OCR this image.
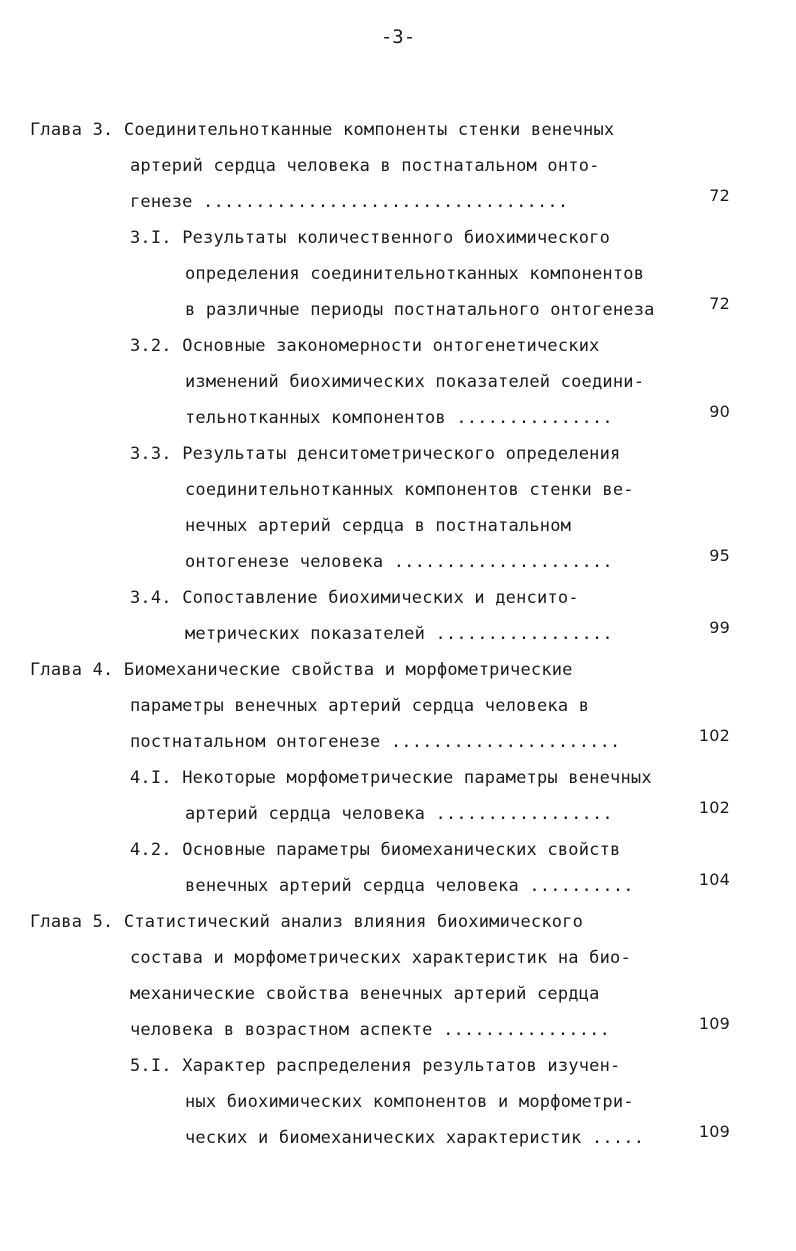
-3-
Глава 3. Соединительнотканные компоненты стенки венечных
артерий сердца человека в постнатальном онто-
генезе ...................................	72
3.I. Результаты количественного биохимического
определения соединительнотканных компонентов
в различные периоды постнатального онтогенеза	72
3.2. Основные закономерности онтогенетических
изменений биохимических показателей соедини-
тельнотканных компонентов ...............	90
3.3. Результаты денситометрического определения
соединительнотканных компонентов стенки ве-
нечных артерий сердца в постнатальном
онтогенезе человека .....................	95
3.4. Сопоставление биохимических и денсито-
метрических показателей .................	99
Глава 4. Биомеханические свойства и морфометрические
параметры венечных артерий сердца человека в
постнатальном онтогенезе ......................	102
4.I. Некоторые морфометрические параметры венечных
артерий сердца человека .................	102
4.2. Основные параметры биомеханических свойств
венечных артерий сердца человека ..........	104
Глава 5. Статистический анализ влияния биохимического
состава и морфометрических характеристик на био-
механические свойства венечных артерий сердца
человека в возрастном аспекте ................	109
5.I. Характер распределения результатов изучен-
ных биохимических компонентов и морфометри-
ческих и биомеханических характеристик .....	109
